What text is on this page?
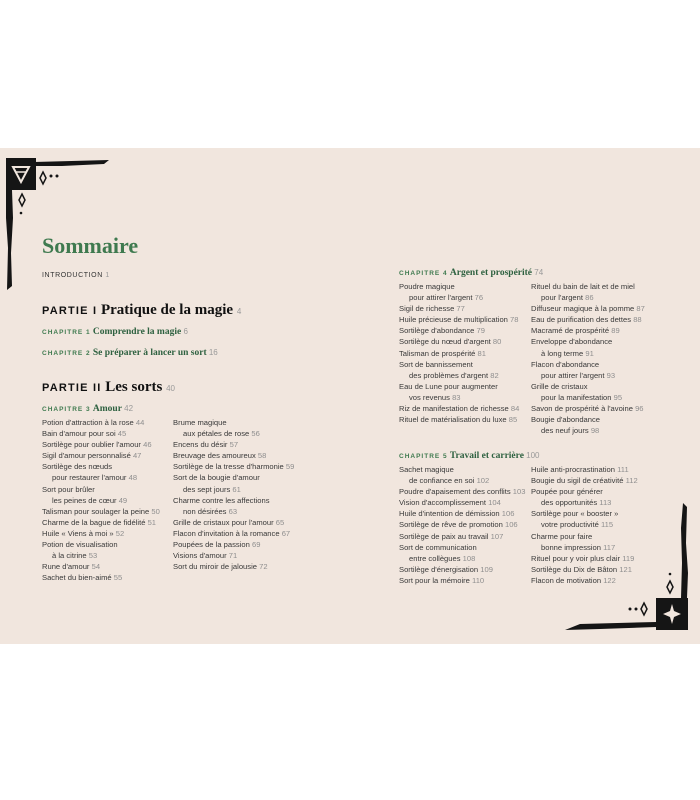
Sommaire
INTRODUCTION 1
PARTIE I Pratique de la magie 4
CHAPITRE 1 Comprendre la magie 6
CHAPITRE 2 Se préparer à lancer un sort 16
PARTIE II Les sorts 40
CHAPITRE 3 Amour 42
Potion d'attraction à la rose 44
Bain d'amour pour soi 45
Sortilège pour oublier l'amour 46
Sigil d'amour personnalisé 47
Sortilège des nœuds
pour restaurer l'amour 48
Sort pour brûler
les peines de cœur 49
Talisman pour soulager la peine 50
Charme de la bague de fidélité 51
Huile « Viens à moi » 52
Potion de visualisation
à la citrine 53
Rune d'amour 54
Sachet du bien-aimé 55
Brume magique
aux pétales de rose 56
Encens du désir 57
Breuvage des amoureux 58
Sortilège de la tresse d'harmonie 59
Sort de la bougie d'amour
des sept jours 61
Charme contre les affections
non désirées 63
Grille de cristaux pour l'amour 65
Flacon d'invitation à la romance 67
Poupées de la passion 69
Visions d'amour 71
Sort du miroir de jalousie 72
CHAPITRE 4 Argent et prospérité 74
Poudre magique
pour attirer l'argent 76
Sigil de richesse 77
Huile précieuse de multiplication 78
Sortilège d'abondance 79
Sortilège du nœud d'argent 80
Talisman de prospérité 81
Sort de bannissement
des problèmes d'argent 82
Eau de Lune pour augmenter
vos revenus 83
Riz de manifestation de richesse 84
Rituel de matérialisation du luxe 85
Rituel du bain de lait et de miel
pour l'argent 86
Diffuseur magique à la pomme 87
Eau de purification des dettes 88
Macramé de prospérité 89
Enveloppe d'abondance
à long terme 91
Flacon d'abondance
pour attirer l'argent 93
Grille de cristaux
pour la manifestation 95
Savon de prospérité à l'avoine 96
Bougie d'abondance
des neuf jours 98
CHAPITRE 5 Travail et carrière 100
Sachet magique
de confiance en soi 102
Poudre d'apaisement des conflits 103
Vision d'accomplissement 104
Huile d'intention de démission 106
Sortilège de rêve de promotion 106
Sortilège de paix au travail 107
Sort de communication
entre collègues 108
Sortilège d'énergisation 109
Sort pour la mémoire 110
Huile anti-procrastination 111
Bougie du sigil de créativité 112
Poupée pour générer
des opportunités 113
Sortilège pour « booster »
votre productivité 115
Charme pour faire
bonne impression 117
Rituel pour y voir plus clair 119
Sortilège du Dix de Bâton 121
Flacon de motivation 122
